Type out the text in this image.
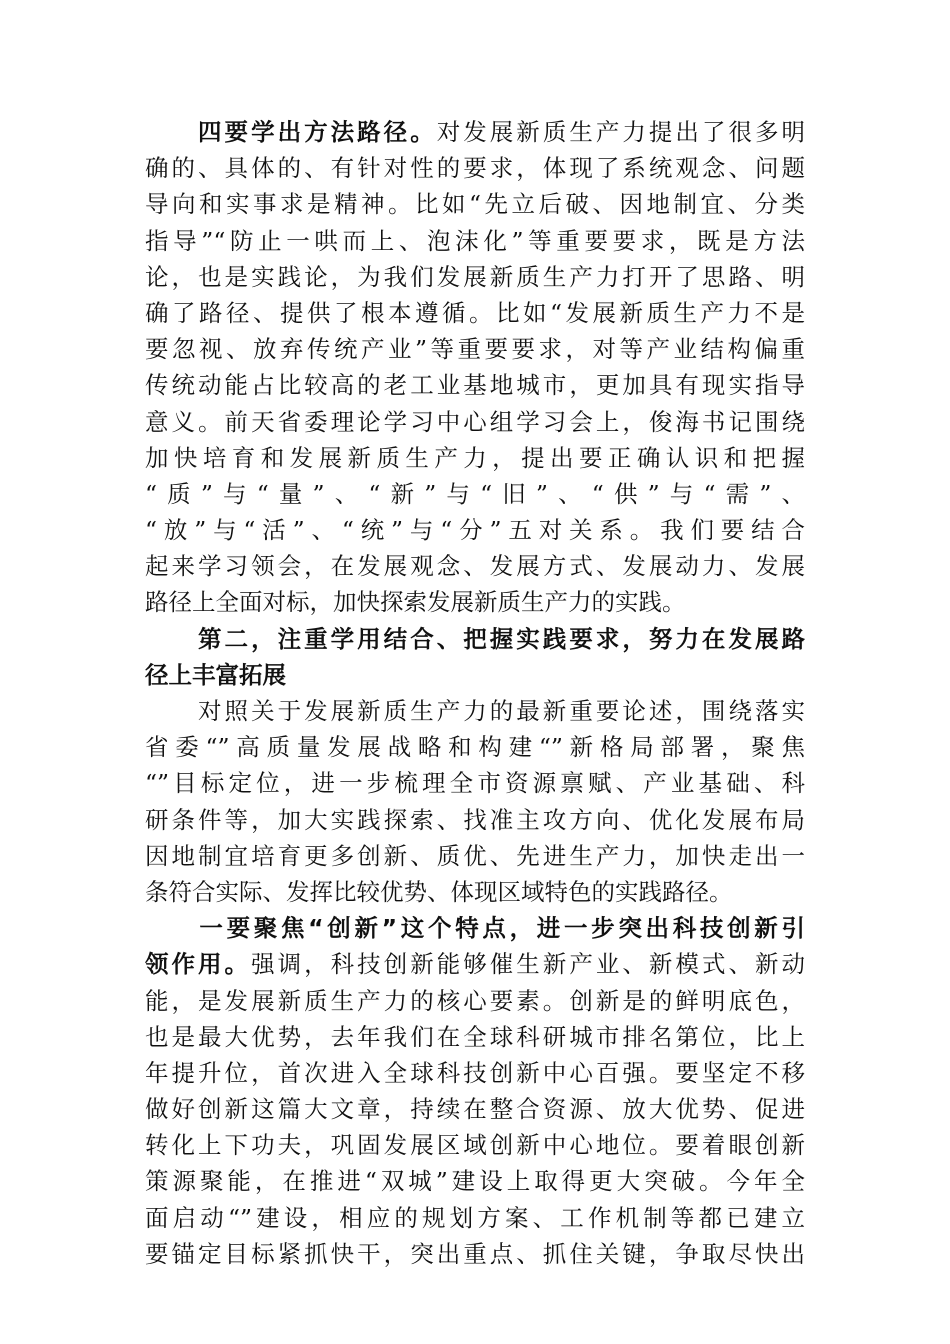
　　四要学出方法路径。对发展新质生产力提出了很多明
确的、具体的、有针对性的要求，体现了系统观念、问题
导向和实事求是精神。比如“先立后破、因地制宜、分类
指导”“防止一哄而上、泡沫化”等重要要求，既是方法
论，也是实践论，为我们发展新质生产力打开了思路、明
确了路径、提供了根本遵循。比如“发展新质生产力不是
要忽视、放弃传统产业”等重要要求，对等产业结构偏重
传统动能占比较高的老工业基地城市，更加具有现实指导
意义。前天省委理论学习中心组学习会上，俊海书记围绕
加快培育和发展新质生产力，提出要正确认识和把握
“质”与“量”、“新”与“旧”、“供”与“需”、
“放”与“活”、“统”与“分”五对关系。我们要结合
起来学习领会，在发展观念、发展方式、发展动力、发展
路径上全面对标，加快探索发展新质生产力的实践。
　　第二，注重学用结合、把握实践要求，努力在发展路
径上丰富拓展
　　对照关于发展新质生产力的最新重要论述，围绕落实
省委“”高质量发展战略和构建“”新格局部署，聚焦
“”目标定位，进一步梳理全市资源禀赋、产业基础、科
研条件等，加大实践探索、找准主攻方向、优化发展布局
因地制宜培育更多创新、质优、先进生产力，加快走出一
条符合实际、发挥比较优势、体现区域特色的实践路径。
　　一要聚焦“创新”这个特点，进一步突出科技创新引
领作用。强调，科技创新能够催生新产业、新模式、新动
能，是发展新质生产力的核心要素。创新是的鲜明底色，
也是最大优势，去年我们在全球科研城市排名第位，比上
年提升位，首次进入全球科技创新中心百强。要坚定不移
做好创新这篇大文章，持续在整合资源、放大优势、促进
转化上下功夫，巩固发展区域创新中心地位。要着眼创新
策源聚能，在推进“双城”建设上取得更大突破。今年全
面启动“”建设，相应的规划方案、工作机制等都已建立
要锚定目标紧抓快干，突出重点、抓住关键，争取尽快出
